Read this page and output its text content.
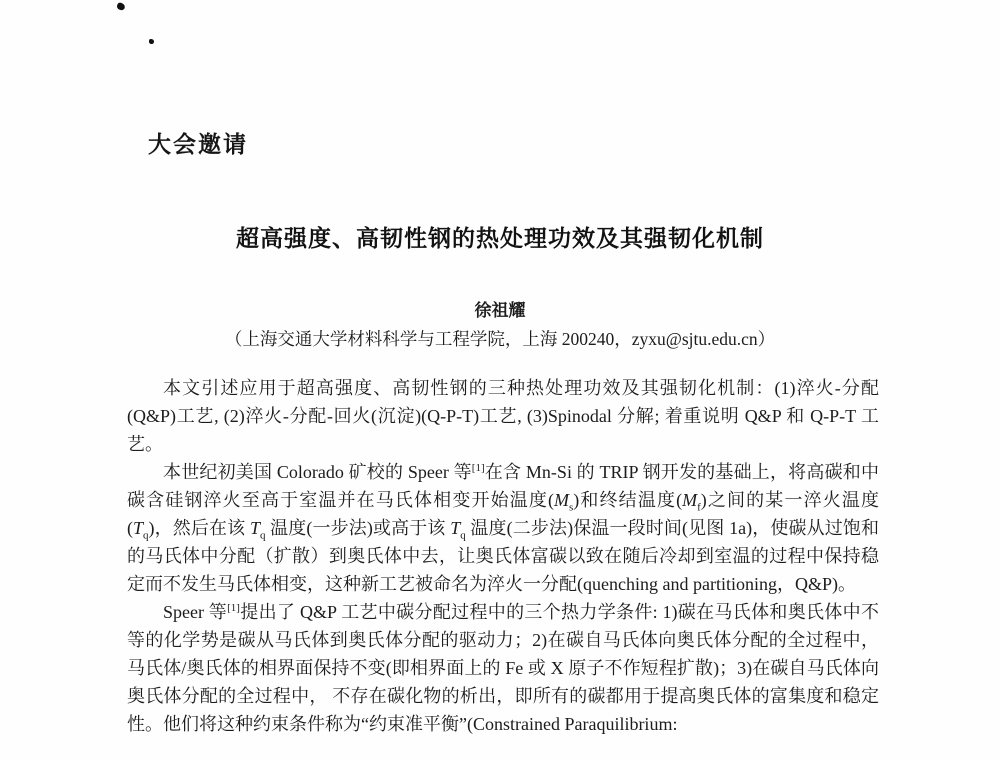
大会邀请
超高强度、高韧性钢的热处理功效及其强韧化机制
徐祖耀
（上海交通大学材料科学与工程学院，上海 200240，zyxu@sjtu.edu.cn）

本文引述应用于超高强度、高韧性钢的三种热处理功效及其强韧化机制：(1)淬火-分配(Q&P)工艺, (2)淬火-分配-回火(沉淀)(Q-P-T)工艺, (3)Spinodal 分解; 着重说明 Q&P 和 Q-P-T 工艺。

本世纪初美国 Colorado 矿校的 Speer 等[1]在含 Mn-Si 的 TRIP 钢开发的基础上，将高碳和中碳含硅钢淬火至高于室温并在马氏体相变开始温度$(M_s)$和终结温度$(M_f)$之间的某一淬火温度$(T_q)$，然后在该 $T_q$ 温度(一步法)或高于该 $T_q$ 温度(二步法)保温一段时间(见图 1a)，使碳从过饱和的马氏体中分配（扩散）到奥氏体中去，让奥氏体富碳以致在随后冷却到室温的过程中保持稳定而不发生马氏体相变，这种新工艺被命名为淬火一分配(quenching and partitioning，Q&P)。

Speer 等[1]提出了 Q&P 工艺中碳分配过程中的三个热力学条件: 1)碳在马氏体和奥氏体中不等的化学势是碳从马氏体到奥氏体分配的驱动力；2)在碳自马氏体向奥氏体分配的全过程中，马氏体/奥氏体的相界面保持不变(即相界面上的 Fe 或 X 原子不作短程扩散)；3)在碳自马氏体向奥氏体分配的全过程中， 不存在碳化物的析出，即所有的碳都用于提高奥氏体的富集度和稳定性。他们将这种约束条件称为“约束准平衡”(Constrained Paraquilibrium:
